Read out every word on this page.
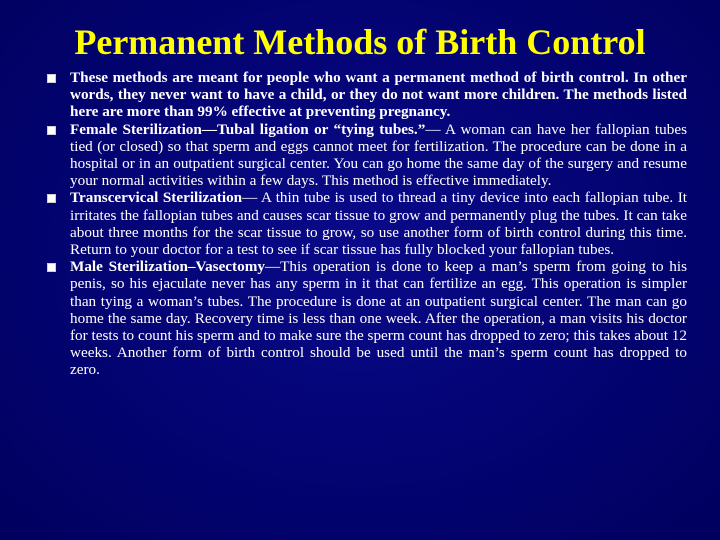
Permanent Methods of Birth Control
These methods are meant for people who want a permanent method of birth control. In other words, they never want to have a child, or they do not want more children. The methods listed here are more than 99% effective at preventing pregnancy.
Female Sterilization—Tubal ligation or “tying tubes.”— A woman can have her fallopian tubes tied (or closed) so that sperm and eggs cannot meet for fertilization. The procedure can be done in a hospital or in an outpatient surgical center. You can go home the same day of the surgery and resume your normal activities within a few days. This method is effective immediately.
Transcervical Sterilization— A thin tube is used to thread a tiny device into each fallopian tube. It irritates the fallopian tubes and causes scar tissue to grow and permanently plug the tubes. It can take about three months for the scar tissue to grow, so use another form of birth control during this time. Return to your doctor for a test to see if scar tissue has fully blocked your fallopian tubes.
Male Sterilization–Vasectomy—This operation is done to keep a man’s sperm from going to his penis, so his ejaculate never has any sperm in it that can fertilize an egg. This operation is simpler than tying a woman’s tubes. The procedure is done at an outpatient surgical center. The man can go home the same day. Recovery time is less than one week. After the operation, a man visits his doctor for tests to count his sperm and to make sure the sperm count has dropped to zero; this takes about 12 weeks. Another form of birth control should be used until the man’s sperm count has dropped to zero.
